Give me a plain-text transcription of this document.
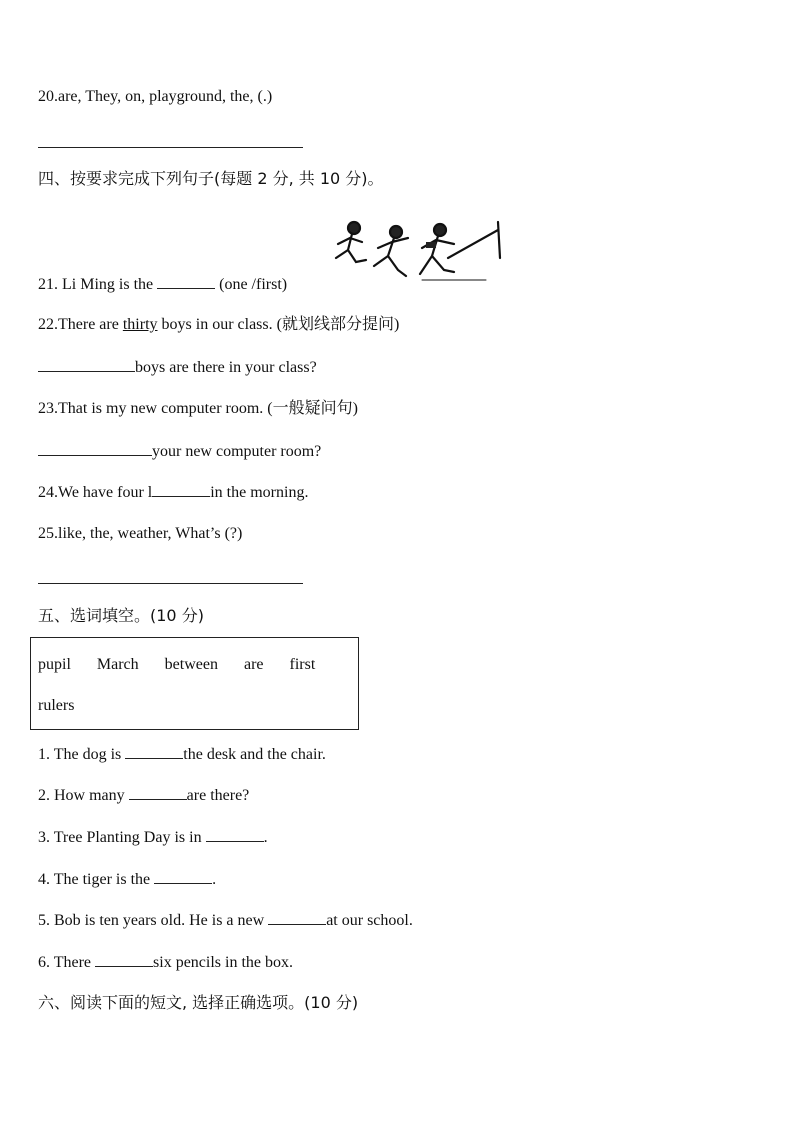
20.are, They, on, playground, the, (.)
四、按要求完成下列句子(每题 2 分, 共 10 分)。
21. Li Ming is the	(one /first)
22.There are thirty boys in our class. (就划线部分提问)
boys are there in your class?
23.That is my new computer room. (一般疑问句)
your new computer room?
24.We have four l	in the morning.
25.like, the, weather, What’s (?)
五、选词填空。(10 分)
pupil March between are first
rulers
1. The dog is	the desk and the chair.
2. How many	are there?
3. Tree Planting Day is in	.
4. The tiger is the	.
5. Bob is ten years old. He is a new	at our school.
6. There	six pencils in the box.
六、阅读下面的短文, 选择正确选项。(10 分)
